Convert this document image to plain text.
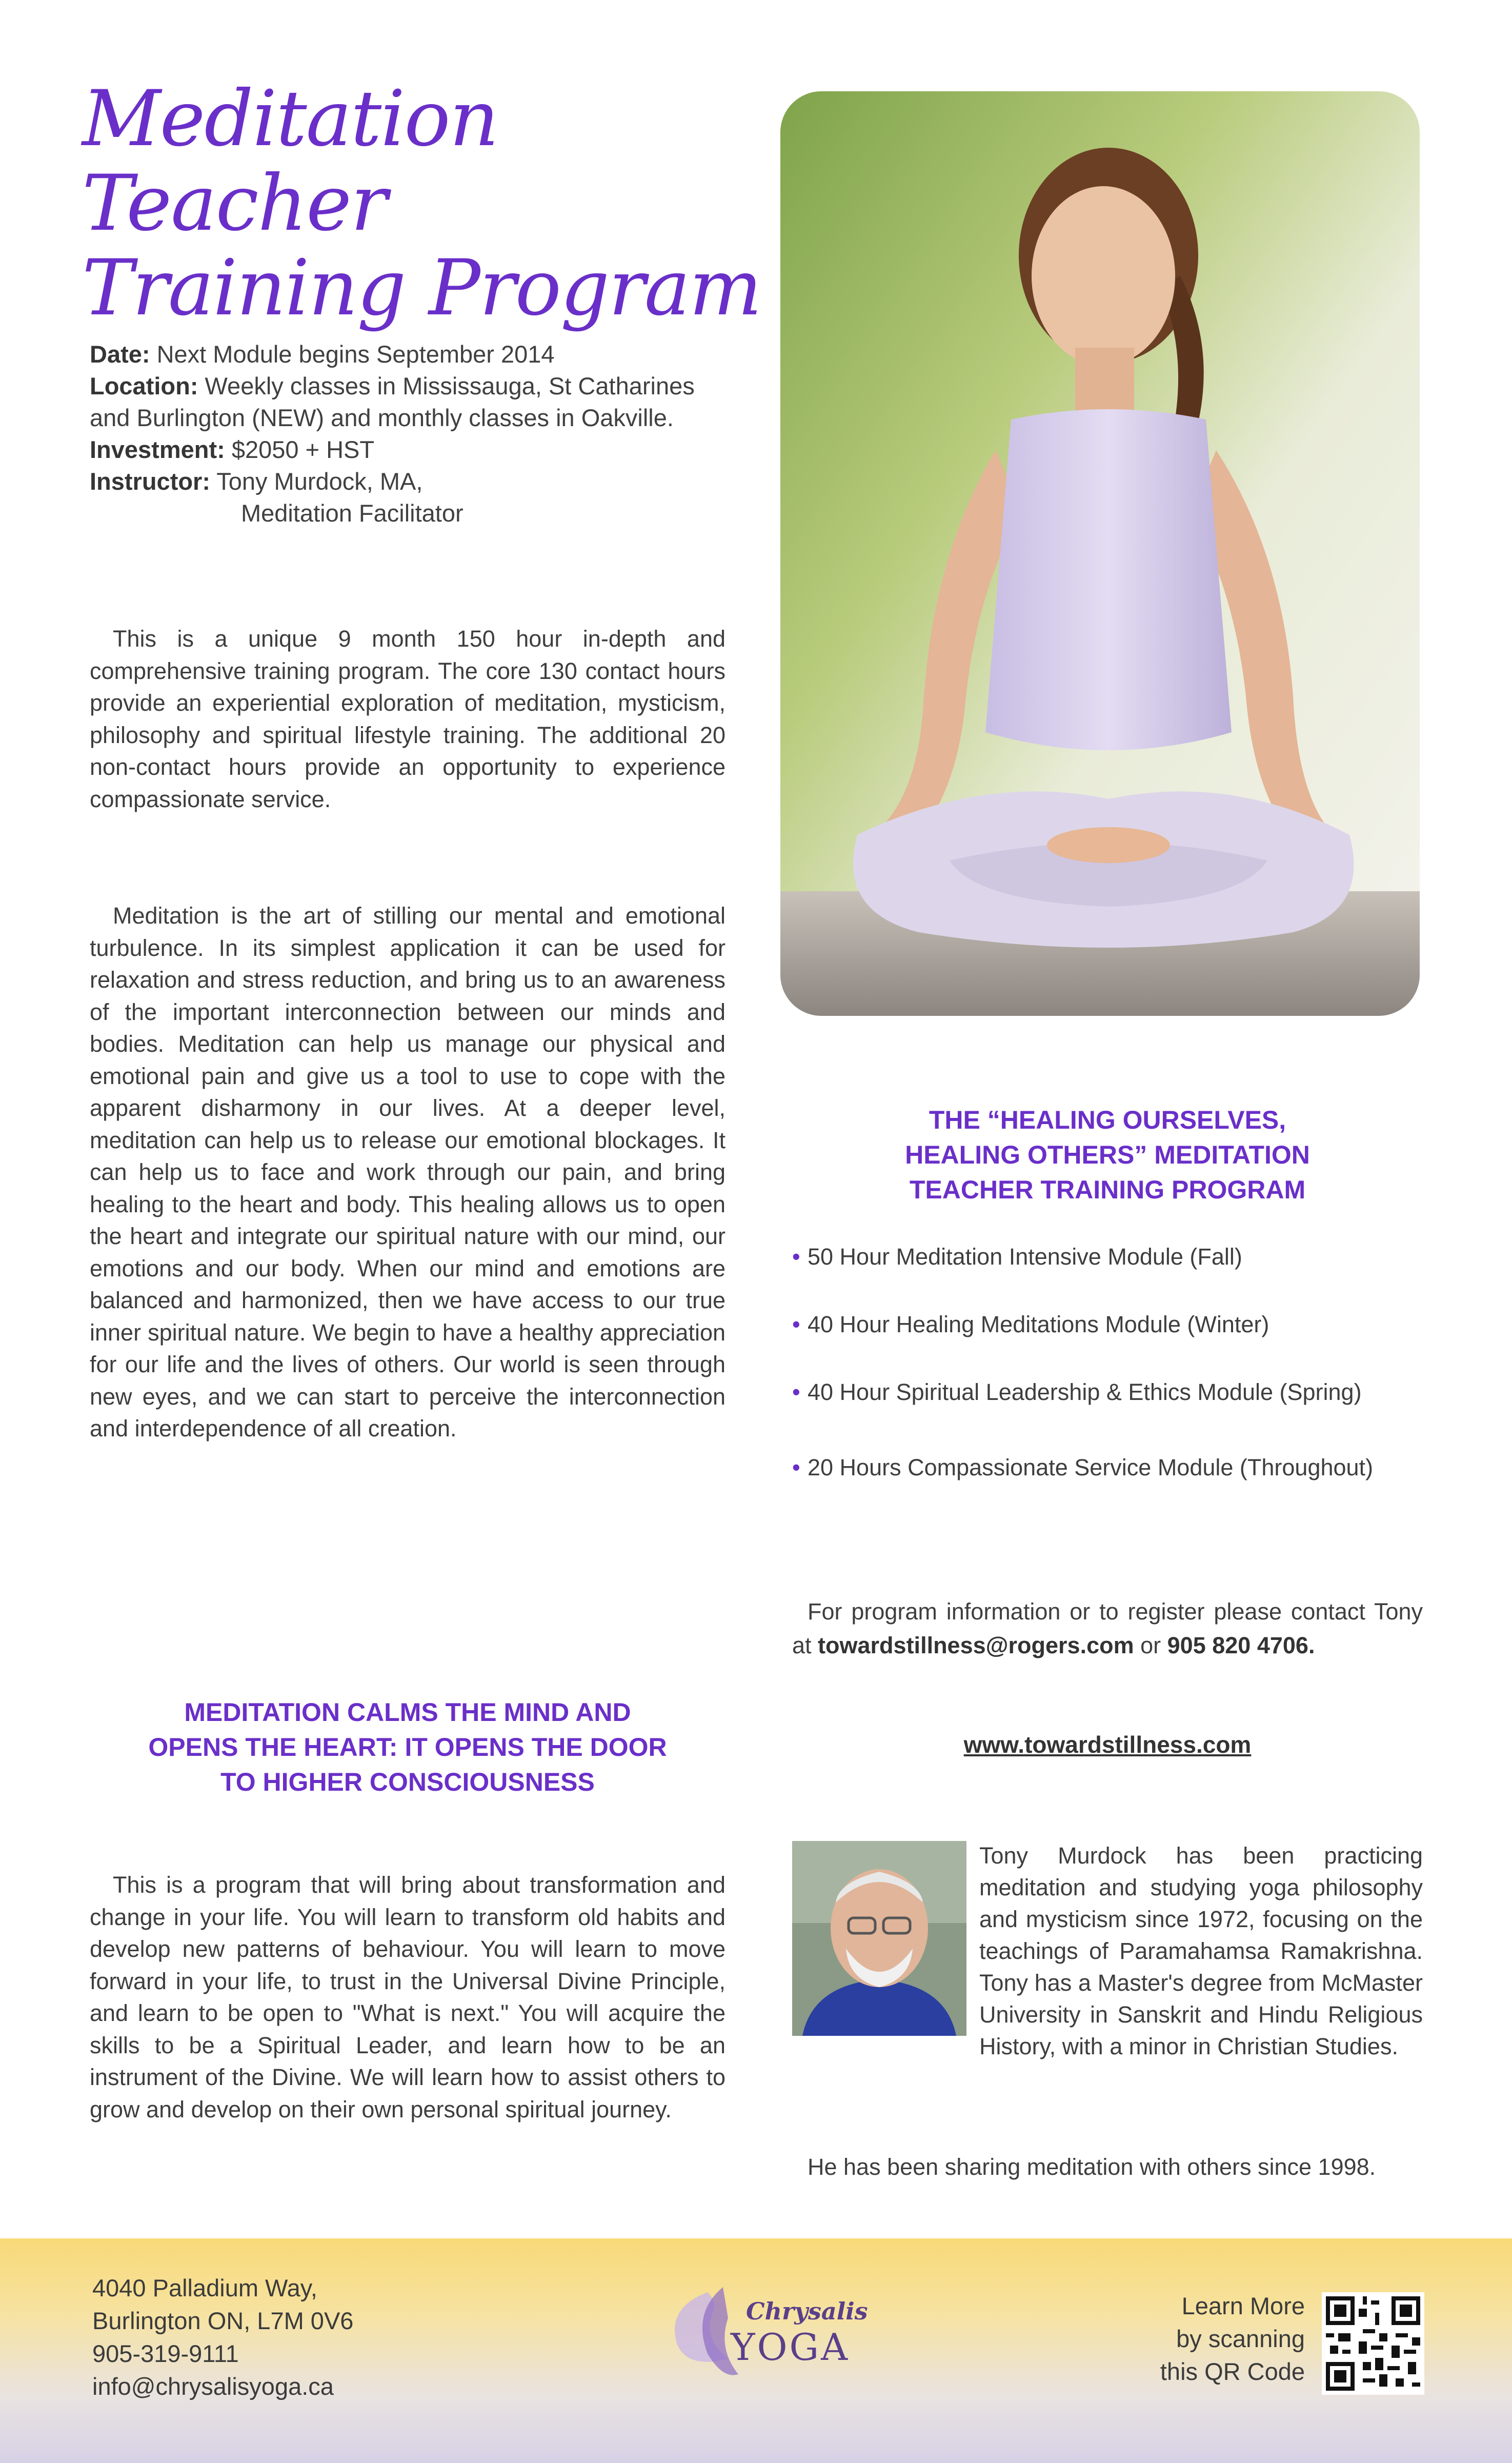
Meditation Teacher
Training Program

Date: Next Module begins September 2014

Location: Weekly classes in Mississauga, St Catharines and Burlington (NEW) and monthly classes in Oakville.

Investment: $2050 + HST

Instructor: Tony Murdock, MA,

Meditation Facilitator

This is a unique 9 month 150 hour in-depth and comprehensive training program. The core 130 contact hours provide an experiential exploration of meditation, mysticism, philosophy and spiritual lifestyle training. The additional 20 non-contact hours provide an opportunity to experience compassionate service.

Meditation is the art of stilling our mental and emotional turbulence. In its simplest application it can be used for relaxation and stress reduction, and bring us to an awareness of the important interconnection between our minds and bodies. Meditation can help us manage our physical and emotional pain and give us a tool to use to cope with the apparent disharmony in our lives. At a deeper level, meditation can help us to release our emotional blockages. It can help us to face and work through our pain, and bring healing to the heart and body. This healing allows us to open the heart and integrate our spiritual nature with our mind, our emotions and our body. When our mind and emotions are balanced and harmonized, then we have access to our true inner spiritual nature. We begin to have a healthy appreciation for our life and the lives of others. Our world is seen through new eyes, and we can start to perceive the interconnection and interdependence of all creation.

MEDITATION CALMS THE MIND AND
OPENS THE HEART: IT OPENS THE DOOR
TO HIGHER CONSCIOUSNESS

This is a program that will bring about transformation and change in your life. You will learn to transform old habits and develop new patterns of behaviour. You will learn to move forward in your life, to trust in the Universal Divine Principle, and learn to be open to "What is next." You will acquire the skills to be a Spiritual Leader, and learn how to be an instrument of the Divine. We will learn how to assist others to grow and develop on their own personal spiritual journey.

THE “HEALING OURSELVES,
HEALING OTHERS” MEDITATION
TEACHER TRAINING PROGRAM
• 50 Hour Meditation Intensive Module (Fall)
• 40 Hour Healing Meditations Module (Winter)
• 40 Hour Spiritual Leadership & Ethics Module (Spring)
• 20 Hours Compassionate Service Module (Throughout)

For program information or to register please contact Tony at towardstillness@rogers.com or 905 820 4706.

www.towardstillness.com

Tony Murdock has been practicing meditation and studying yoga philosophy and mysticism since 1972, focusing on the teachings of Paramahamsa Ramakrishna. Tony has a Master's degree from McMaster University in Sanskrit and Hindu Religious History, with a minor in Christian Studies.

He has been sharing meditation with others since 1998.

4040 Palladium Way,
Burlington ON, L7M 0V6
905-319-9111
info@chrysalisyoga.ca
Chrysalis
YOGA
Learn More
by scanning
this QR Code
